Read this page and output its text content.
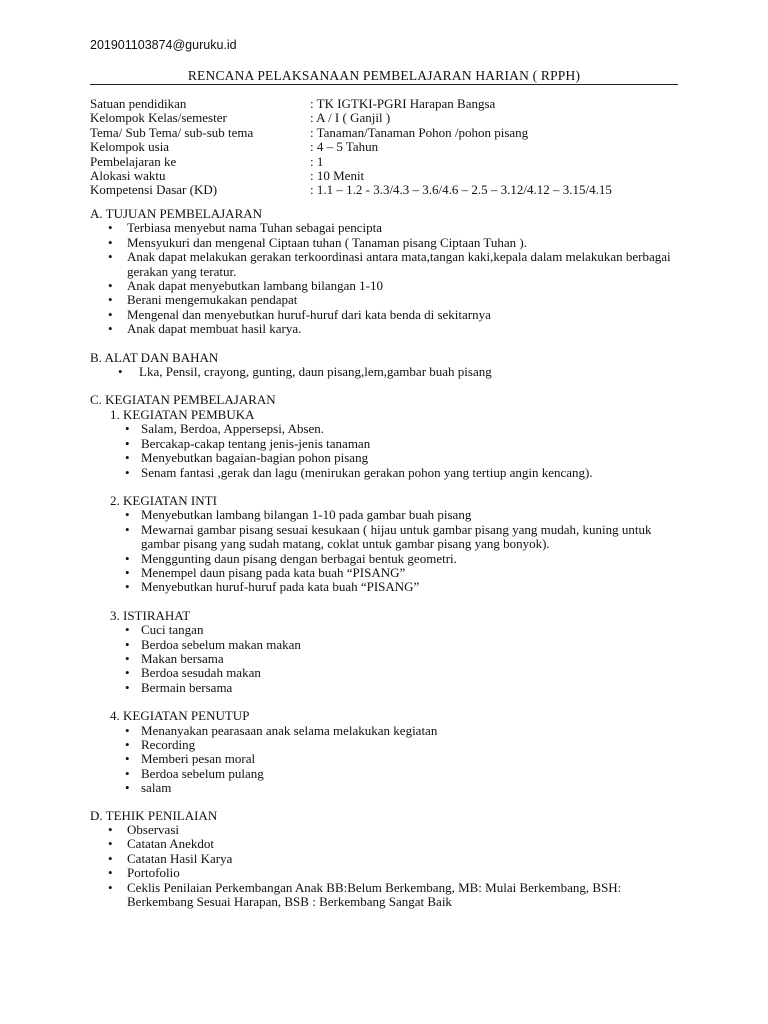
201901103874@guruku.id
RENCANA PELAKSANAAN PEMBELAJARAN HARIAN ( RPPH)
Satuan pendidikan	: TK IGTKI-PGRI Harapan Bangsa
Kelompok Kelas/semester	: A / I ( Ganjil )
Tema/ Sub Tema/ sub-sub tema	: Tanaman/Tanaman Pohon /pohon pisang
Kelompok usia	: 4 – 5 Tahun
Pembelajaran ke	: 1
Alokasi waktu	: 10 Menit
Kompetensi Dasar (KD)	: 1.1 – 1.2 - 3.3/4.3 – 3.6/4.6 – 2.5 – 3.12/4.12 – 3.15/4.15
A. TUJUAN PEMBELAJARAN
• Terbiasa menyebut nama Tuhan sebagai pencipta
• Mensyukuri dan mengenal Ciptaan tuhan ( Tanaman pisang Ciptaan Tuhan ).
• Anak dapat melakukan gerakan terkoordinasi antara mata,tangan kaki,kepala dalam melakukan berbagai gerakan yang teratur.
• Anak dapat menyebutkan lambang bilangan 1-10
• Berani mengemukakan pendapat
• Mengenal dan menyebutkan huruf-huruf dari kata benda di sekitarnya
• Anak dapat membuat hasil karya.
B. ALAT DAN BAHAN
• Lka, Pensil, crayong, gunting, daun pisang,lem,gambar buah pisang
C. KEGIATAN PEMBELAJARAN
1. KEGIATAN PEMBUKA
• Salam, Berdoa, Appersepsi, Absen.
• Bercakap-cakap tentang jenis-jenis tanaman
• Menyebutkan bagaian-bagian pohon pisang
• Senam fantasi ,gerak dan lagu (menirukan gerakan pohon yang tertiup angin kencang).
2. KEGIATAN INTI
• Menyebutkan lambang bilangan 1-10 pada gambar buah pisang
• Mewarnai gambar pisang sesuai kesukaan ( hijau untuk gambar pisang yang mudah, kuning untuk gambar pisang yang sudah matang, coklat untuk gambar pisang yang bonyok).
• Menggunting daun pisang dengan berbagai bentuk geometri.
• Menempel daun pisang pada kata buah “PISANG”
• Menyebutkan huruf-huruf pada kata buah “PISANG”
3. ISTIRAHAT
• Cuci tangan
• Berdoa sebelum makan makan
• Makan bersama
• Berdoa sesudah makan
• Bermain bersama
4. KEGIATAN PENUTUP
• Menanyakan pearasaan anak selama melakukan kegiatan
• Recording
• Memberi pesan moral
• Berdoa sebelum pulang
• salam
D. TEHIK PENILAIAN
• Observasi
• Catatan Anekdot
• Catatan Hasil Karya
• Portofolio
• Ceklis Penilaian Perkembangan Anak BB:Belum Berkembang, MB: Mulai Berkembang, BSH: Berkembang Sesuai Harapan, BSB : Berkembang Sangat Baik
